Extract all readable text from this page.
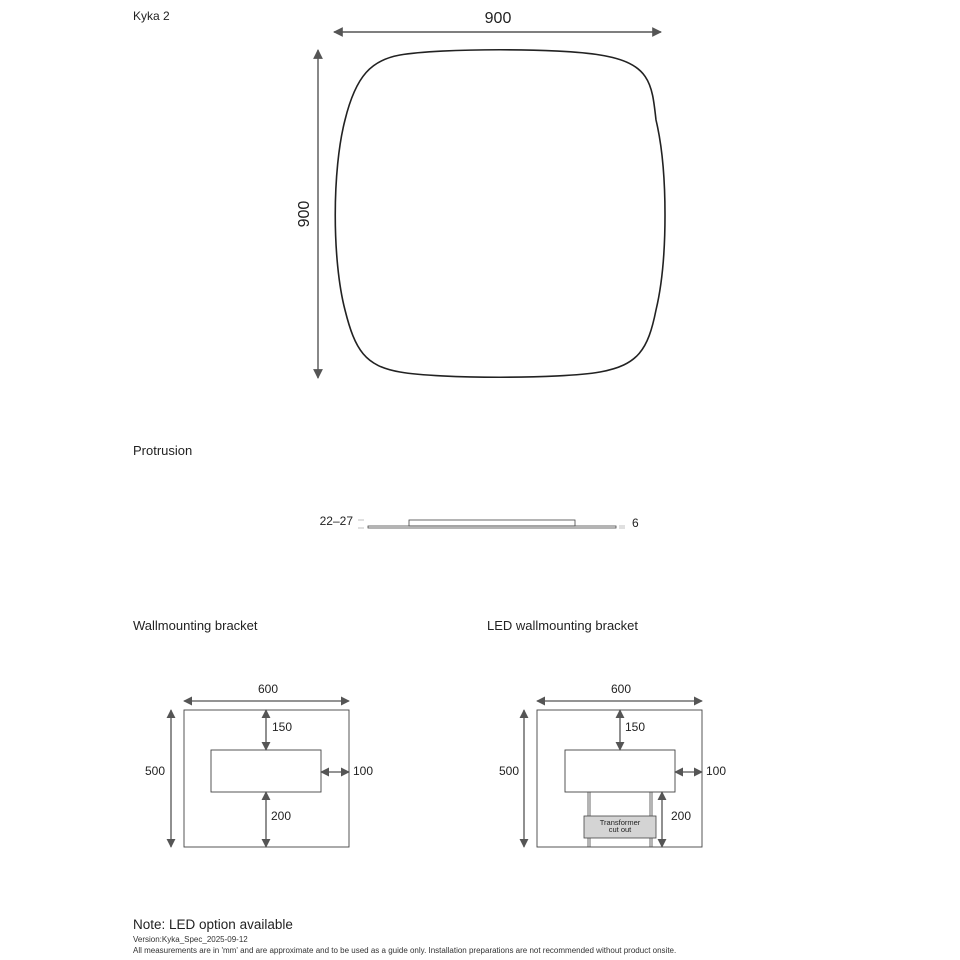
Kyka 2	900
900
22–27	6
600
500
150
100
200
600
500
150
100
200
Transformer
cut out
Protrusion
Wallmounting bracket	LED wallmounting bracket
Note: LED option available
Version:Kyka_Spec_2025-09-12
All measurements are in 'mm' and are approximate and to be used as a guide only. Installation preparations are not recommended without product onsite.
